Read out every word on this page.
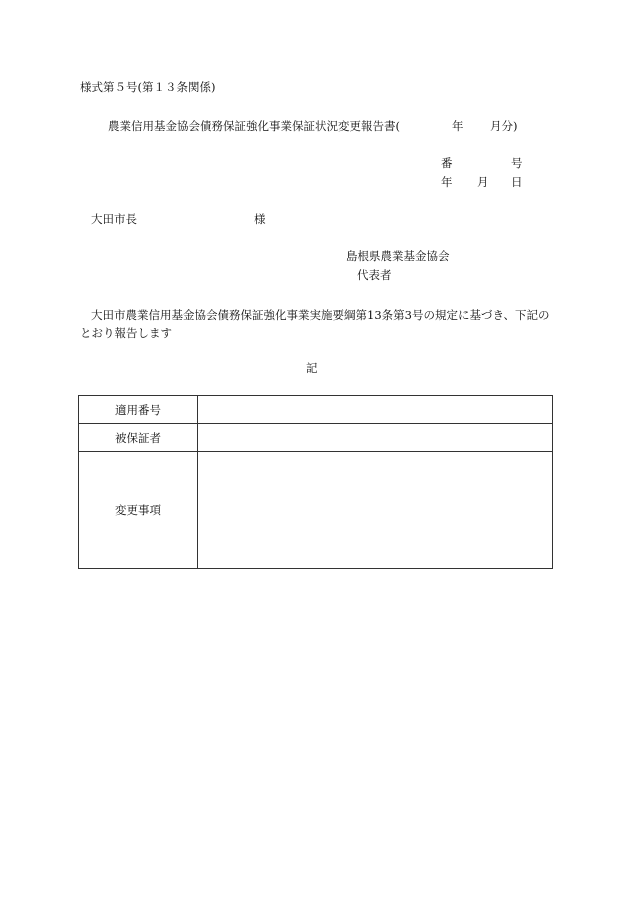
様式第５号(第１３条関係)
農業信用基金協会債務保証強化事業保証状況変更報告書(	年 月分)
番	号
年 月 日
大田市長	様
島根県農業基金協会
代表者
大田市農業信用基金協会債務保証強化事業実施要綱第13条第3号の規定に基づき、下記のとおり報告します
記
適用番号	
被保証者	
変更事項	
